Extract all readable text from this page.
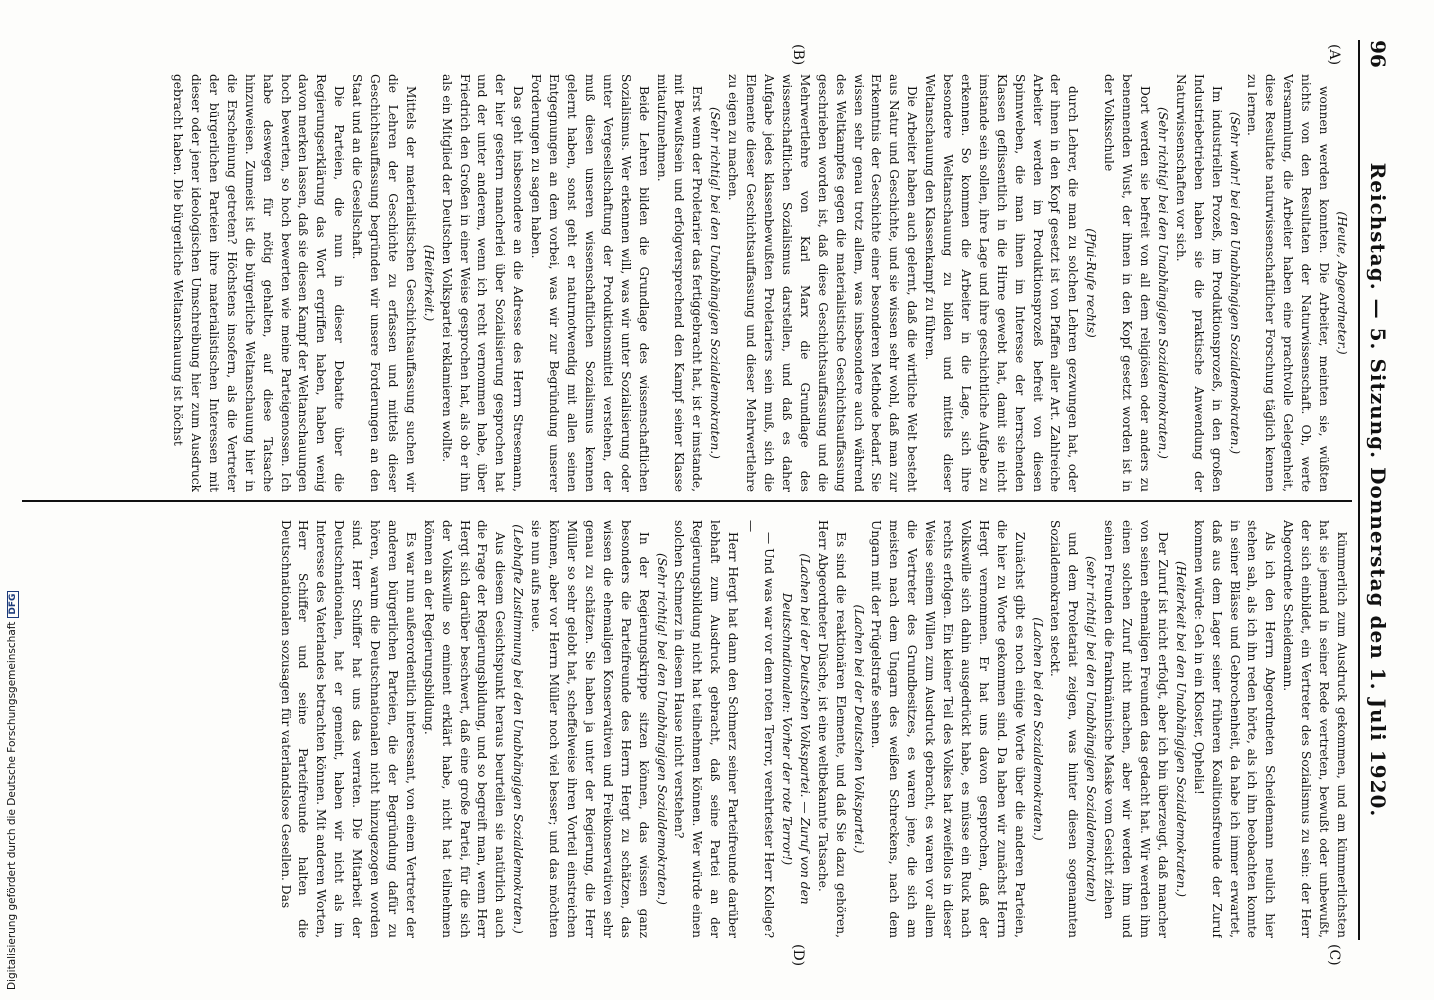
96
Reichstag. — 5. Sitzung. Donnerstag den 1. Juli 1920.
(A)
(B)
(C)
(D)

(Heute, Abgeordneter.)

wonnen werden konnten. Die Arbeiter, meinten sie, wüßten nichts von den Resultaten der Naturwissenschaft. Oh, werte Versammlung, die Arbeiter haben eine prachtvolle Gelegenheit, diese Resultate naturwissenschaftlicher Forschung täglich kennen zu lernen.

(Sehr wahr! bei den Unabhängigen Sozialdemokraten.)

Im industriellen Prozeß, im Produktionsprozeß, in den großen Industriebetrieben haben sie die praktische Anwendung der Naturwissenschaften vor sich.

(Sehr richtig! bei den Unabhängigen Sozialdemokraten.)

Dort werden sie befreit von all dem religiösen oder anders zu benennenden Wust, der ihnen in den Kopf gesetzt worden ist in der Volksschule

(Pfui-Rufe rechts)

durch Lehrer, die man zu solchen Lehren gezwungen hat, oder der ihnen in den Kopf gesetzt ist von Pfaffen aller Art. Zahlreiche Arbeiter werden im Produktionsprozeß befreit von diesen Spinnweben, die man ihnen im Interesse der herrschenden Klassen geflissentlich in die Hirne gewebt hat, damit sie nicht imstande sein sollen, ihre Lage und ihre geschichtliche Aufgabe zu erkennen. So kommen die Arbeiter in die Lage, sich ihre besondere Weltanschauung zu bilden und mittels dieser Weltanschauung den Klassenkampf zu führen.

Die Arbeiter haben auch gelernt, daß die wirtliche Welt besteht aus Natur und Geschichte, und sie wissen sehr wohl, daß man zur Erkenntnis der Geschichte einer besonderen Methode bedarf. Sie wissen sehr genau trotz allem, was insbesondere auch während des Weltkampfes gegen die materialistische Geschichtsauffassung geschrieben worden ist, daß diese Geschichtsauffassung und die Mehrwertlehre von Karl Marx die Grundlage des wissenschaftlichen Sozialismus darstellen, und daß es daher Aufgabe jedes klassenbewußten Proletariers sein muß, sich die Elemente dieser Geschichtsauffassung und dieser Mehrwertlehre zu eigen zu machen.

(Sehr richtig! bei den Unabhängigen Sozialdemokraten.)

Erst wenn der Proletarier das fertiggebracht hat, ist er imstande, mit Bewußtsein und erfolgversprechend den Kampf seiner Klasse mitaufzunehmen.

Beide Lehren bilden die Grundlage des wissenschaftlichen Sozialismus. Wer erkennen will, was wir unter Sozialisierung oder unter Vergesellschaftung der Produktionsmittel verstehen, der muß diesen unseren wissenschaftlichen Sozialismus kennen gelernt haben, sonst geht er naturnotwendig mit allen seinen Entgegnungen an dem vorbei, was wir zur Begründung unserer Forderungen zu sagen haben.

Das geht insbesondere an die Adresse des Herrn Stresemann, der hier gestern mancherlei über Sozialisierung gesprochen hat und der unter anderem, wenn ich recht vernommen habe, über Friedrich den Großen in einer Weise gesprochen hat, als ob er ihn als ein Mitglied der Deutschen Volkspartei reklamieren wollte.

(Heiterkeit.)

Mittels der materialistischen Geschichtsauffassung suchen wir die Lehren der Geschichte zu erfassen und mittels dieser Geschichtsauffassung begründen wir unsere Forderungen an den Staat und an die Gesellschaft.

Die Parteien, die nun in dieser Debatte über die Regierungserklärung das Wort ergriffen haben, haben wenig davon merken lassen, daß sie diesen Kampf der Weltanschauungen hoch bewerten, so hoch bewerten wie meine Parteigenossen. Ich habe deswegen für nötig gehalten, auf diese Tatsache hinzuweisen. Zumeist ist die bürgerliche Weltanschauung hier in die Erscheinung getreten? Höchstens insofern, als die Vertreter der bürgerlichen Parteien ihre materialistischen Interessen mit dieser oder jener ideologischen Umschreibung hier zum Ausdruck gebracht haben. Die bürgerliche Weltanschauung ist höchst

kümmerlich zum Ausdruck gekommen, und am kümmerlichsten hat sie jemand in seiner Rede vertreten, bewußt oder unbewußt, der sich einbildet, ein Vertreter des Sozialismus zu sein: der Herr Abgeordnete Scheidemann.

Als ich den Herrn Abgeordneten Scheidemann neulich hier stehen sah, als ich ihn reden hörte, als ich ihn beobachten konnte in seiner Blässe und Gebrochenheit, da habe ich immer erwartet, daß aus dem Lager seiner früheren Koalitionsfreunde der Zuruf kommen würde: Geh in ein Kloster, Ophelia!

(Heiterkeit bei den Unabhängigen Sozialdemokraten.)

Der Zuruf ist nicht erfolgt, aber ich bin überzeugt, daß mancher von seinen ehemaligen Freunden das gedacht hat. Wir werden ihm einen solchen Zuruf nicht machen, aber wir werden ihm und seinen Freunden die frankmännische Maske vom Gesicht ziehen

(sehr richtig! bei den Unabhängigen Sozialdemokraten)

und dem Proletariat zeigen, was hinter diesen sogenannten Sozialdemokraten steckt.

(Lachen bei den Sozialdemokraten.)

Zunächst gibt es noch einige Worte über die anderen Parteien, die hier zu Worte gekommen sind. Da haben wir zunächst Herrn Hergt vernommen. Er hat uns davon gesprochen, daß der Volkswille sich dahin ausgedrückt habe, es müsse ein Ruck nach rechts erfolgen. Ein kleiner Teil des Volkes hat zweifellos in dieser Weise seinem Willen zum Ausdruck gebracht, es waren vor allem die Vertreter des Grundbesitzes, es waren jene, die sich am meisten nach dem Ungarn des weißen Schreckens, nach dem Ungarn mit der Prügelstrafe sehnen.

(Lachen bei der Deutschen Volkspartei.)

Es sind die reaktionären Elemente, und daß Sie dazu gehören, Herr Abgeordneter Düsche, ist eine weltbekannte Tatsache.

(Lachen bei der Deutschen Volkspartei. — Zuruf von den Deutschnationalen: Vorher der rote Terror!)

— Und was war vor dem roten Terror, verehrtester Herr Kollege? —

Herr Hergt hat dann den Schmerz seiner Parteifreunde darüber lebhaft zum Ausdruck gebracht, daß seine Partei an der Regierungsbildung nicht hat teilnehmen können. Wer würde einen solchen Schmerz in diesem Hause nicht verstehen?

(Sehr richtig! bei den Unabhängigen Sozialdemokraten.)

In der Regierungskrippe sitzen können, das wissen ganz besonders die Parteifreunde des Herrn Hergt zu schätzen, das wissen die ehemaligen Konservativen und Freikonservativen sehr genau zu schätzen. Sie haben ja unter der Regierung, die Herr Müller so sehr gelobt hat, scheffelweise ihren Vorteil einstreichen können, aber vor Herrn Müller noch viel besser; und das möchten sie nun aufs neue.

(Lebhafte Zustimmung bei den Unabhängigen Sozialdemokraten.)

Aus diesem Gesichtspunkt heraus beurteilen sie natürlich auch die Frage der Regierungsbildung, und so begreift man, wenn Herr Hergt sich darüber beschwert, daß eine große Partei, für die sich der Volkswille so eminent erklärt habe, nicht hat teilnehmen können an der Regierungsbildung.

Es war nun außerordentlich interessant, von einem Vertreter der anderen bürgerlichen Parteien, die der Begründung dafür zu hören, warum die Deutschnationalen nicht hinzugezogen worden sind. Herr Schiffer hat uns das verraten. Die Mitarbeit der Deutschnationalen, hat er gemeint, haben wir nicht als im Interesse des Vaterlandes betrachten können. Mit anderen Worten, Herr Schiffer und seine Parteifreunde halten die Deutschnationalen sozusagen für vaterlandslose Gesellen. Das

Digitalisierung gefördert durch die Deutsche ForschungsgemeinschaftDFG
